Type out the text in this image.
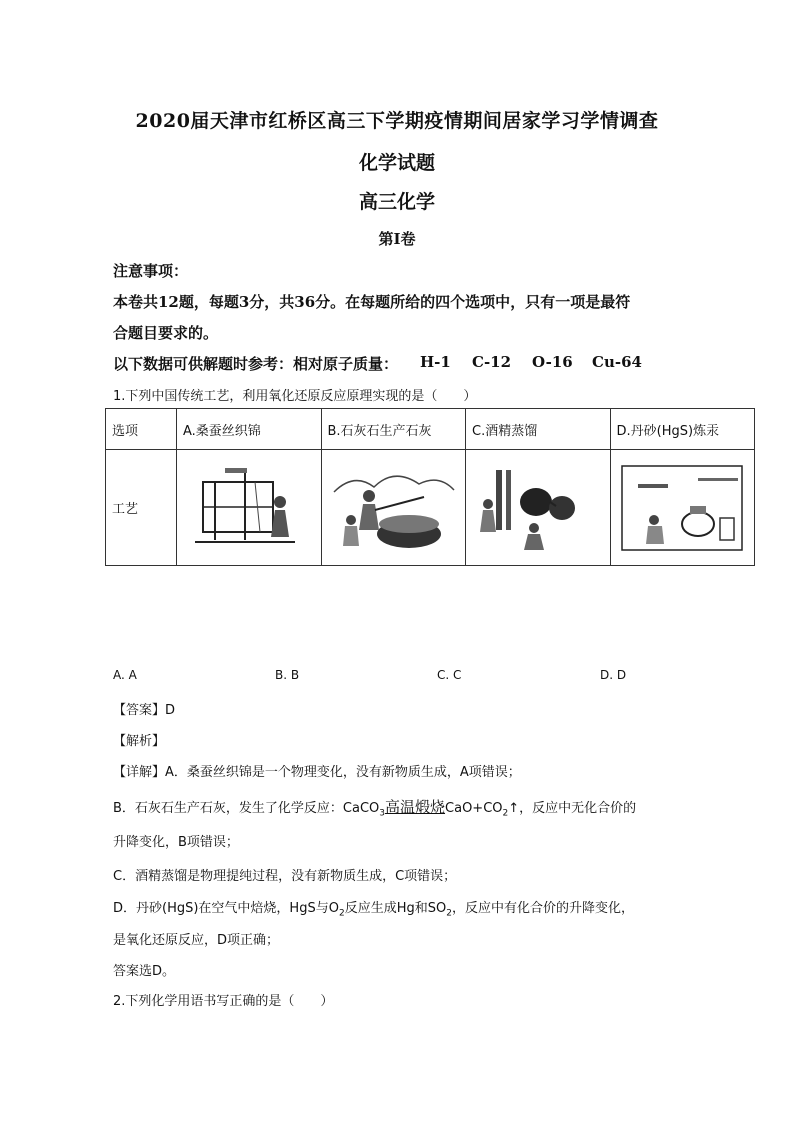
2020届天津市红桥区高三下学期疫情期间居家学习学情调查
化学试题
高三化学
第I卷
注意事项：
本卷共12题，每题3分，共36分。在每题所给的四个选项中，只有一项是最符
合题目要求的。
以下数据可供解题时参考：相对原子质量： H-1 C-12 O-16 Cu-64
1.下列中国传统工艺，利用氧化还原反应原理实现的是（　　）
选项	A.桑蚕丝织锦	B.石灰石生产石灰	C.酒精蒸馏	D.丹砂(HgS)炼汞
工艺	

A. A	B. B	C. C	D. D
【答案】D
【解析】
【详解】A．桑蚕丝织锦是一个物理变化，没有新物质生成，A项错误；
B．石灰石生产石灰，发生了化学反应：CaCO$_3$高温煅烧$CaO+CO_2↑$，反应中无化合价的
升降变化，B项错误；
C．酒精蒸馏是物理提纯过程，没有新物质生成，C项错误；
D．丹砂(HgS)在空气中焙烧，HgS与$O_2$反应生成Hg和$SO_2$，反应中有化合价的升降变化，
是氧化还原反应，D项正确；
答案选D。
2.下列化学用语书写正确的是（　　）
